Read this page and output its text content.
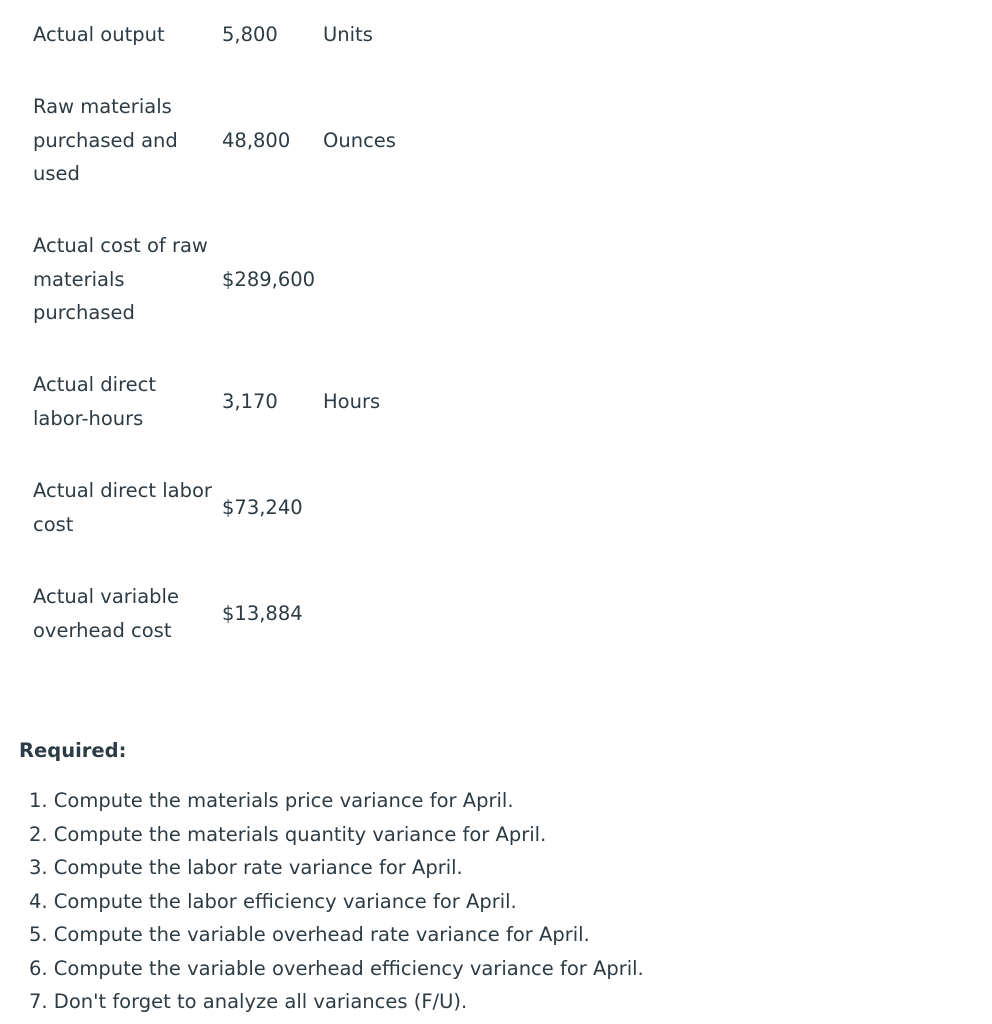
Actual output	5,800 Units
Raw materials purchased and used
48,800 Ounces
Actual cost of raw materials purchased
$289,600
Actual direct labor-hours
3,170 Hours
Actual direct labor cost
$73,240
Actual variable overhead cost
$13,884
Required:
1. Compute the materials price variance for April.
2. Compute the materials quantity variance for April.
3. Compute the labor rate variance for April.
4. Compute the labor efficiency variance for April.
5. Compute the variable overhead rate variance for April.
6. Compute the variable overhead efficiency variance for April.
7. Don't forget to analyze all variances (F/U).
